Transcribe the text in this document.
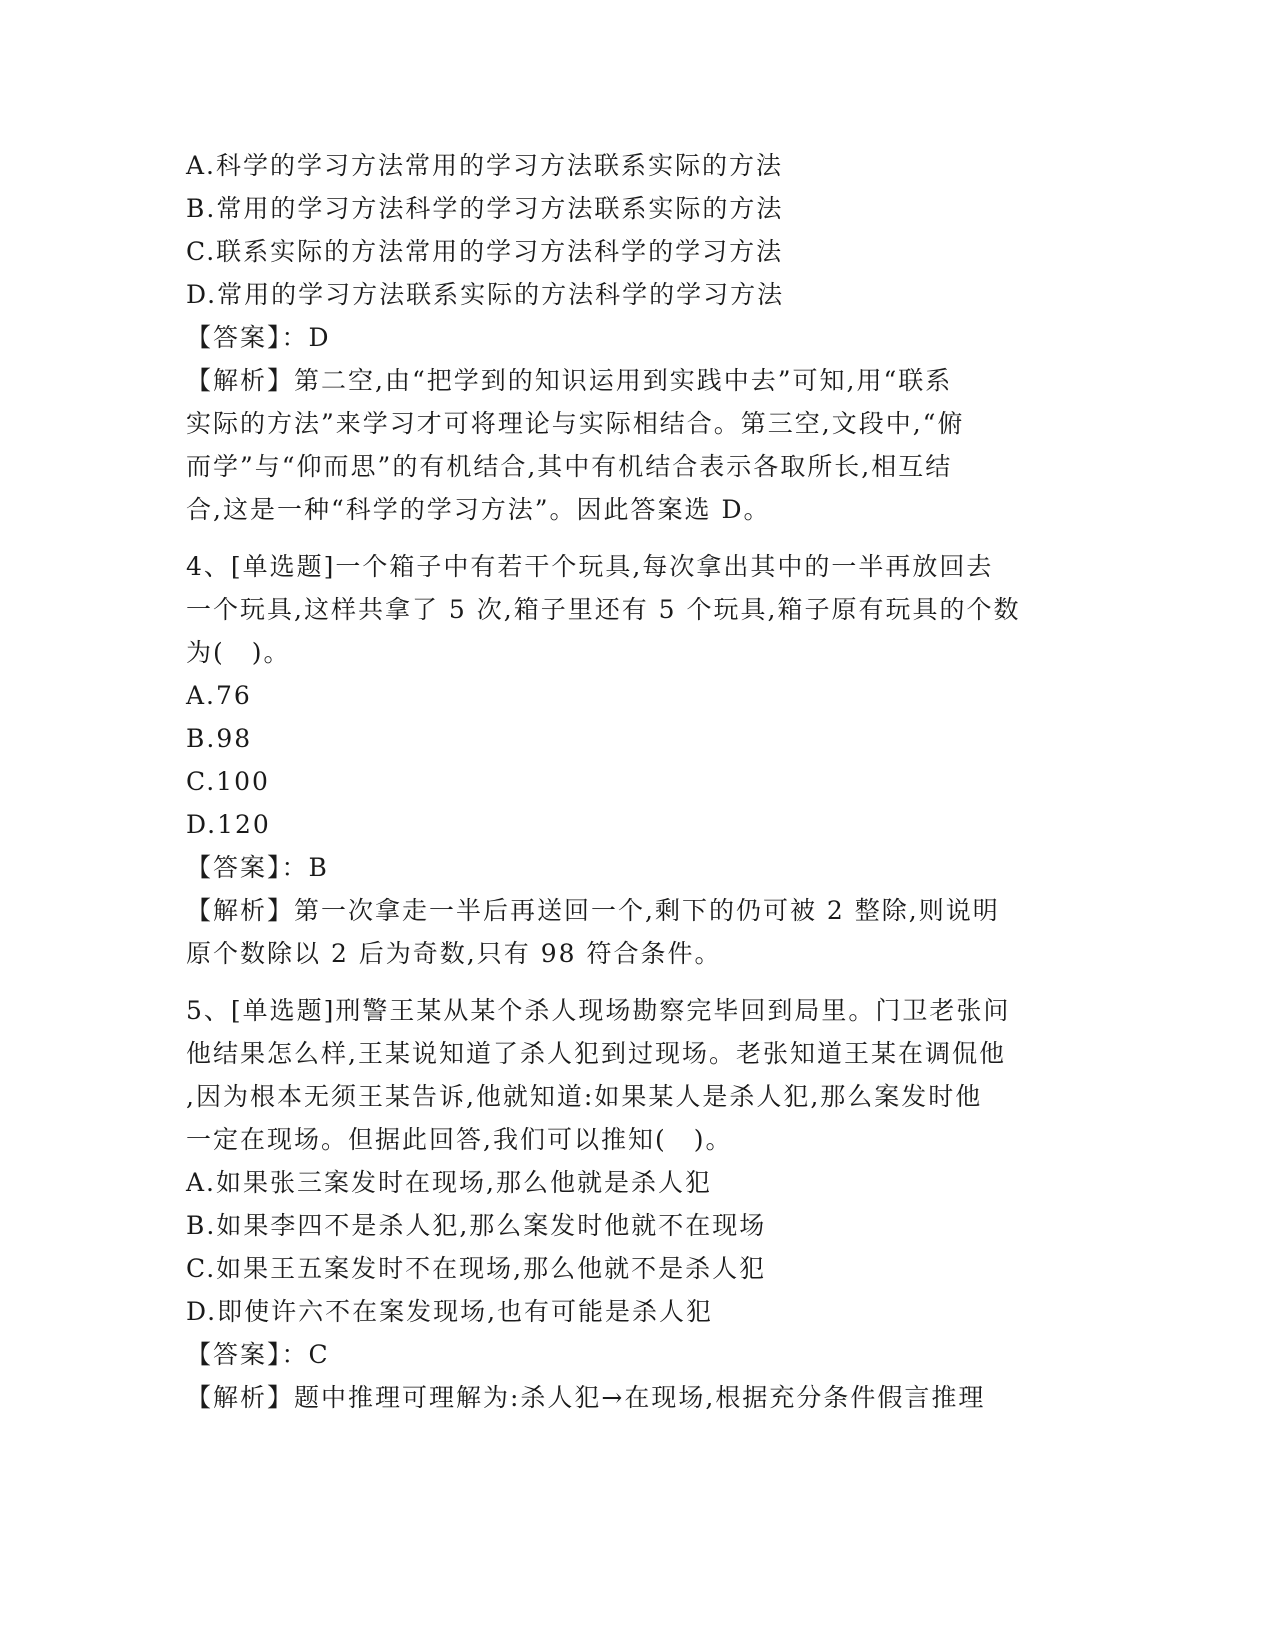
A.科学的学习方法常用的学习方法联系实际的方法
B.常用的学习方法科学的学习方法联系实际的方法
C.联系实际的方法常用的学习方法科学的学习方法
D.常用的学习方法联系实际的方法科学的学习方法
【答案】：D
【解析】第二空,由“把学到的知识运用到实践中去”可知,用“联系
实际的方法”来学习才可将理论与实际相结合。第三空,文段中,“俯
而学”与“仰而思”的有机结合,其中有机结合表示各取所长,相互结
合,这是一种“科学的学习方法”。因此答案选 D。
4、[单选题]一个箱子中有若干个玩具,每次拿出其中的一半再放回去
一个玩具,这样共拿了 5 次,箱子里还有 5 个玩具,箱子原有玩具的个数
为(　)。
A.76
B.98
C.100
D.120
【答案】：B
【解析】第一次拿走一半后再送回一个,剩下的仍可被 2 整除,则说明
原个数除以 2 后为奇数,只有 98 符合条件。
5、[单选题]刑警王某从某个杀人现场勘察完毕回到局里。门卫老张问
他结果怎么样,王某说知道了杀人犯到过现场。老张知道王某在调侃他
,因为根本无须王某告诉,他就知道:如果某人是杀人犯,那么案发时他
一定在现场。但据此回答,我们可以推知(　)。
A.如果张三案发时在现场,那么他就是杀人犯
B.如果李四不是杀人犯,那么案发时他就不在现场
C.如果王五案发时不在现场,那么他就不是杀人犯
D.即使许六不在案发现场,也有可能是杀人犯
【答案】：C
【解析】题中推理可理解为:杀人犯→在现场,根据充分条件假言推理
